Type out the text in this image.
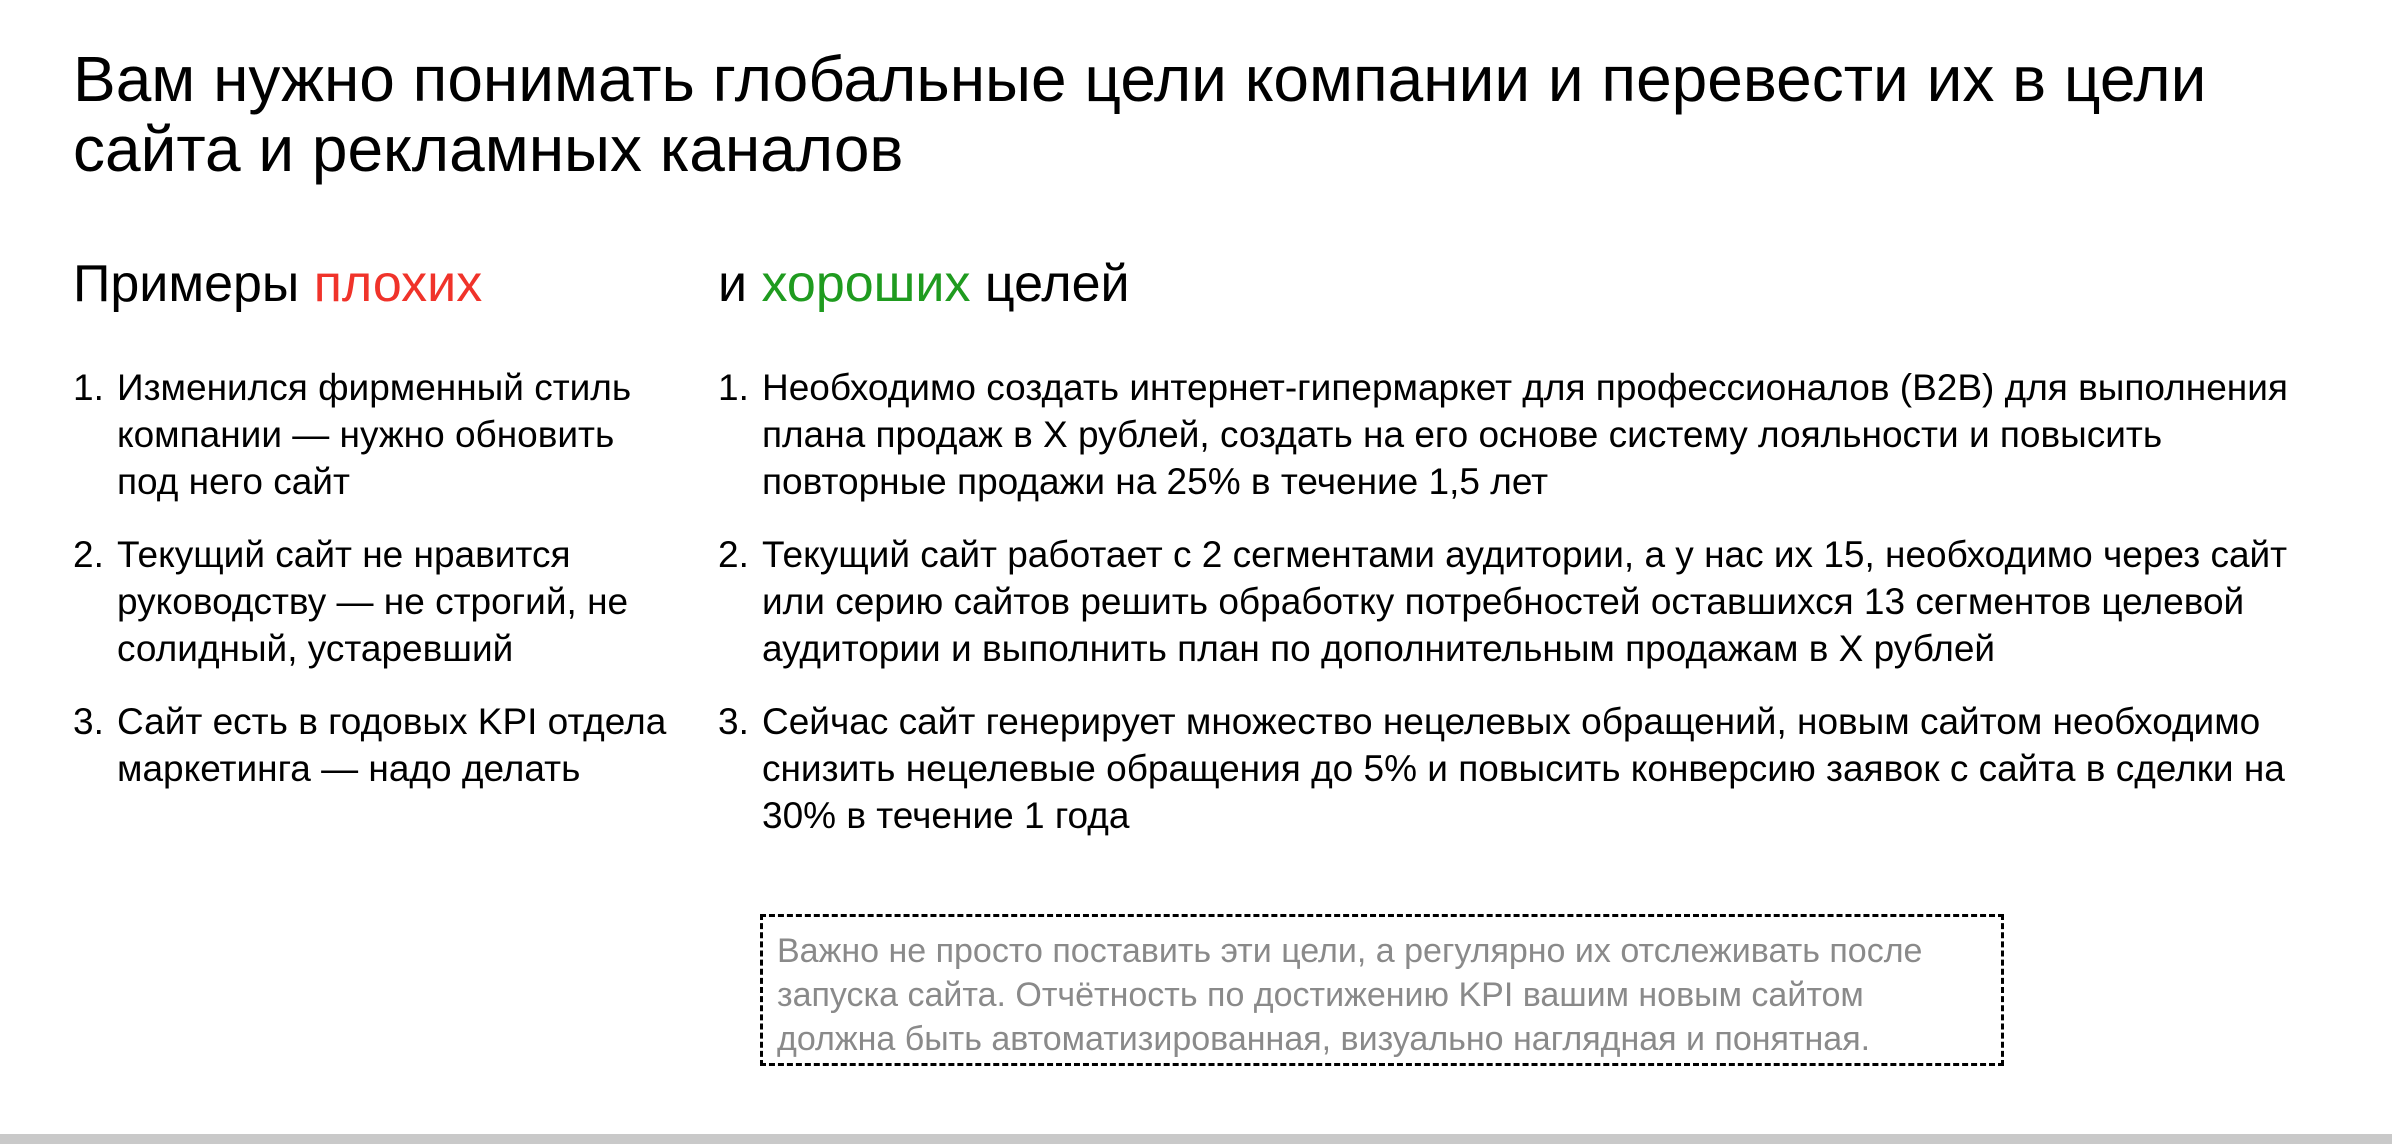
Вам нужно понимать глобальные цели компании и перевести их в цели сайта и рекламных каналов
Примеры плохих	и хороших целей
1. Изменился фирменный стиль компании — нужно обновить под него сайт
2. Текущий сайт не нравится руководству — не строгий, не солидный, устаревший
3. Сайт есть в годовых KPI отдела маркетинга — надо делать
1. Необходимо создать интернет-гипермаркет для профессионалов (B2B) для выполнения плана продаж в Х рублей, создать на его основе систему лояльности и повысить повторные продажи на 25% в течение 1,5 лет
2. Текущий сайт работает с 2 сегментами аудитории, а у нас их 15, необходимо через сайт или серию сайтов решить обработку потребностей оставшихся 13 сегментов целевой аудитории и выполнить план по дополнительным продажам в Х рублей
3. Сейчас сайт генерирует множество нецелевых обращений, новым сайтом необходимо снизить нецелевые обращения до 5% и повысить конверсию заявок с сайта в сделки на 30% в течение 1 года
Важно не просто поставить эти цели, а регулярно их отслеживать после запуска сайта. Отчётность по достижению KPI вашим новым сайтом должна быть автоматизированная, визуально наглядная и понятная.
